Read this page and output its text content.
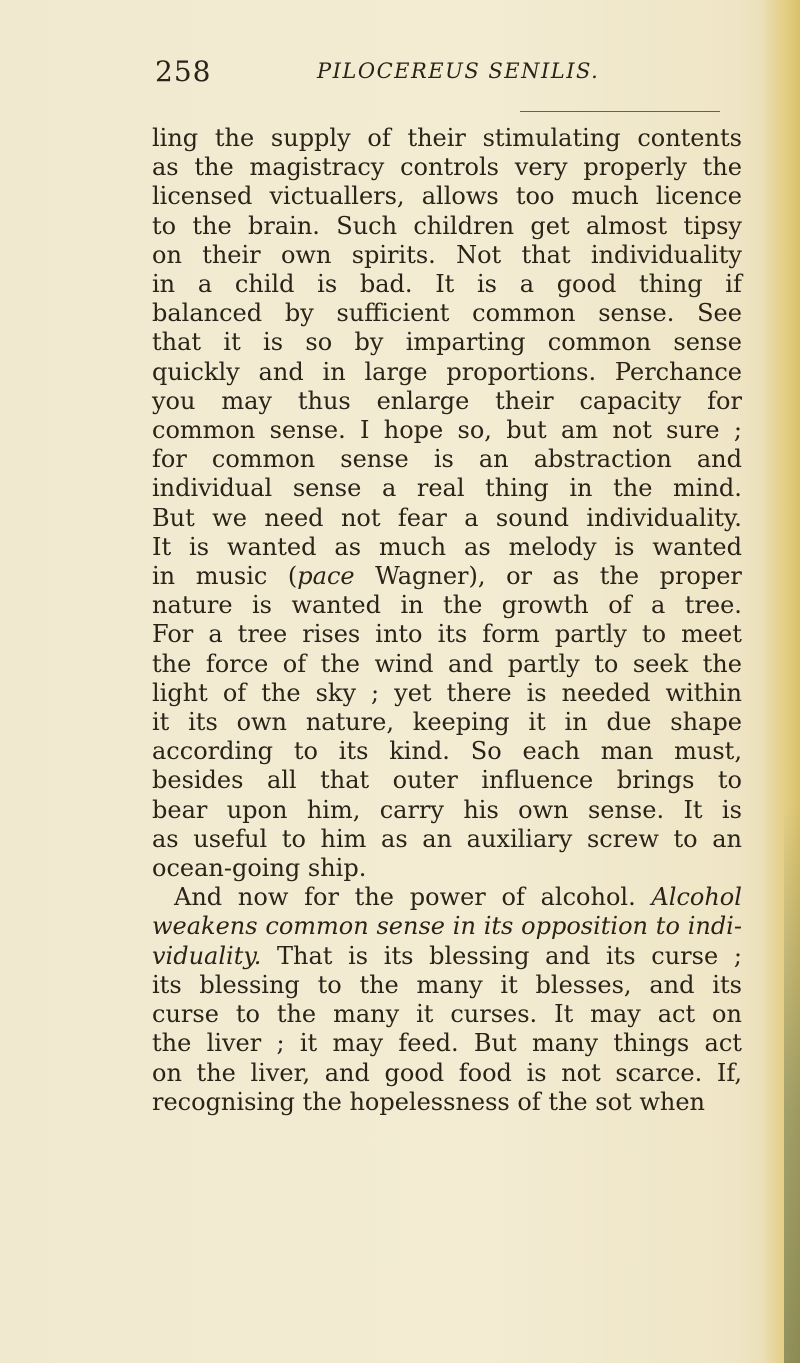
258	PILOCEREUS SENILIS.
ling the supply of their stimulating contents
as the magistracy controls very properly the
licensed victuallers, allows too much licence
to the brain. Such children get almost tipsy
on their own spirits. Not that individuality
in a child is bad. It is a good thing if
balanced by sufficient common sense. See
that it is so by imparting common sense
quickly and in large proportions. Perchance
you may thus enlarge their capacity for
common sense. I hope so, but am not sure ;
for common sense is an abstraction and
individual sense a real thing in the mind.
But we need not fear a sound individuality.
It is wanted as much as melody is wanted
in music (pace Wagner), or as the proper
nature is wanted in the growth of a tree.
For a tree rises into its form partly to meet
the force of the wind and partly to seek the
light of the sky ; yet there is needed within
it its own nature, keeping it in due shape
according to its kind. So each man must,
besides all that outer influence brings to
bear upon him, carry his own sense. It is
as useful to him as an auxiliary screw to an
ocean-going ship.
And now for the power of alcohol. Alcohol
weakens common sense in its opposition to indi-
viduality. That is its blessing and its curse ;
its blessing to the many it blesses, and its
curse to the many it curses. It may act on
the liver ; it may feed. But many things act
on the liver, and good food is not scarce. If,
recognising the hopelessness of the sot when
